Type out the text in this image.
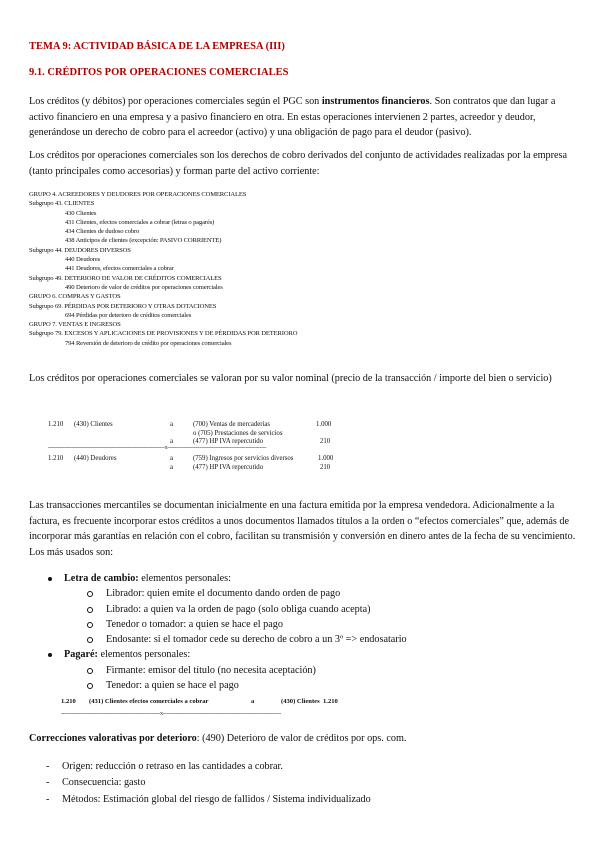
TEMA 9: ACTIVIDAD BÁSICA DE LA EMPRESA (III)
9.1. CRÉDITOS POR OPERACIONES COMERCIALES
Los créditos (y débitos) por operaciones comerciales según el PGC son instrumentos financieros. Son contratos que dan lugar a activo financiero en una empresa y a pasivo financiero en otra. En estas operaciones intervienen 2 partes, acreedor y deudor, generándose un derecho de cobro para el acreedor (activo) y una obligación de pago para el deudor (pasivo).
Los créditos por operaciones comerciales son los derechos de cobro derivados del conjunto de actividades realizadas por la empresa (tanto principales como accesorias) y forman parte del activo corriente:
GRUPO 4. ACREEDORES Y DEUDORES POR OPERACIONES COMERCIALES
Subgrupo 43. CLIENTES
430 Clientes
431 Clientes, efectos comerciales a cobrar (letras o pagarés)
434 Clientes de dudoso cobro
438 Anticipos de clientes (excepción: PASIVO CORRIENTE)
Subgrupo 44. DEUDORES DIVERSOS
440 Deudores
441 Deudores, efectos comerciales a cobrar
Subgrupo 49. DETERIORO DE VALOR DE CRÉDITOS COMERCIALES
490 Deterioro de valor de créditos por operaciones comerciales
GRUPO 6. COMPRAS Y GASTOS
Subgrupo 69. PÉRDIDAS POR DETERIORO Y OTRAS DOTACIONES
694 Pérdidas por deterioro de créditos comerciales
GRUPO 7. VENTAS E INGRESOS
Subgrupo 79. EXCESOS Y APLICACIONES DE PROVISIONES Y DE PÉRDIDAS POR DETERIORO
794 Reversión de deterioro de crédito por operaciones comerciales
Los créditos por operaciones comerciales se valoran por su valor nominal (precio de la transacción / importe del bien o servicio)
1.210 (430) Clientes	a	(700) Ventas de mercaderías	1.000
o (705) Prestaciones de servicios
a	(477) HP IVA repercutido	210
1.210 (440) Deudores	a	(759) Ingresos por servicios diversos	1.000
a	(477) HP IVA repercutido	210
------------------------------------------------------------------x--------------------------------------------------------
Las transacciones mercantiles se documentan inicialmente en una factura emitida por la empresa vendedora. Adicionalmente a la factura, es frecuente incorporar estos créditos a unos documentos llamados títulos a la orden o “efectos comerciales” que, además de incorporar más garantías en relación con el cobro, facilitan su transmisión y conversión en dinero antes de la fecha de su vencimiento. Los más usados son:
Letra de cambio: elementos personales:
Librador: quien emite el documento dando orden de pago
Librado: a quien va la orden de pago (solo obliga cuando acepta)
Tenedor o tomador: a quien se hace el pago
Endosante: si el tomador cede su derecho de cobro a un 3º => endosatario
Pagaré: elementos personales:
Firmante: emisor del título (no necesita aceptación)
Tenedor: a quien se hace el pago
1.210 (431) Clientes efectos comerciales a cobrar	a	(430) Clientes 1.210
--------------------------------------------------------x-------------------------------------------------------------------
Correcciones valorativas por deterioro: (490) Deterioro de valor de créditos por ops. com.
- Origen: reducción o retraso en las cantidades a cobrar.
- Consecuencia: gasto
- Métodos: Estimación global del riesgo de fallidos / Sistema individualizado
